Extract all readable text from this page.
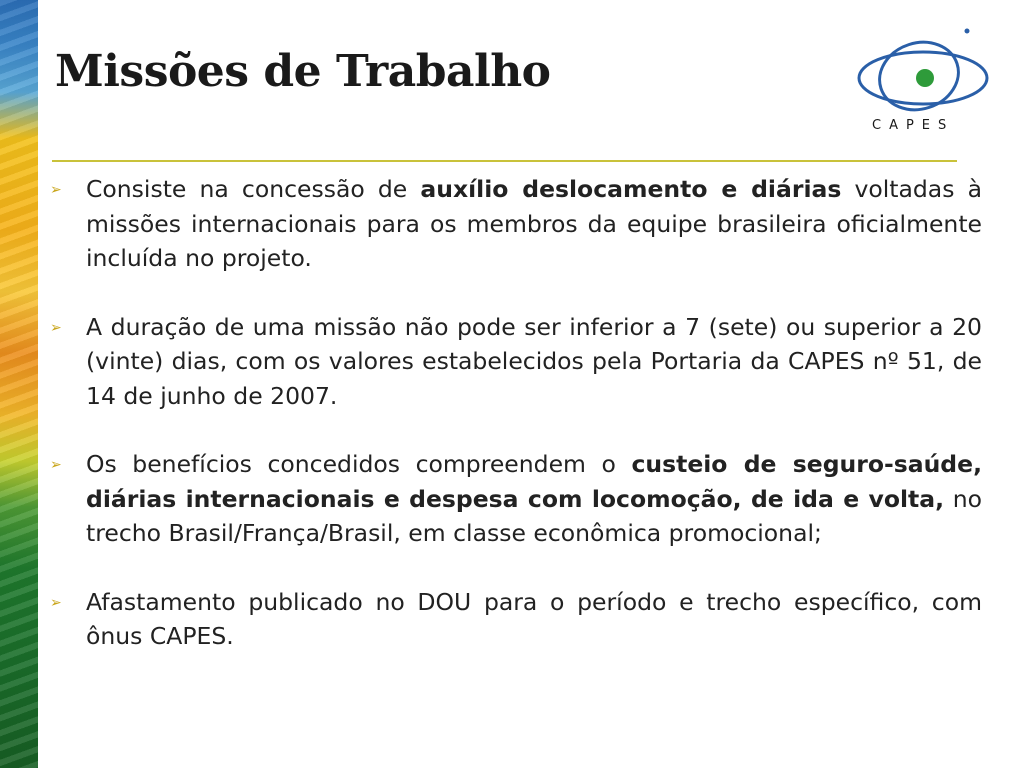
Missões de Trabalho
CAPES
➢ Consiste na concessão de auxílio deslocamento e diárias voltadas à missões internacionais para os membros da equipe brasileira oficialmente incluída no projeto.
➢ A duração de uma missão não pode ser inferior a 7 (sete) ou superior a 20 (vinte) dias, com os valores estabelecidos pela Portaria da CAPES nº 51, de 14 de junho de 2007.
➢ Os benefícios concedidos compreendem o custeio de seguro-saúde, diárias internacionais e despesa com locomoção, de ida e volta, no trecho Brasil/França/Brasil, em classe econômica promocional;
➢ Afastamento publicado no DOU para o período e trecho específico, com ônus CAPES.
